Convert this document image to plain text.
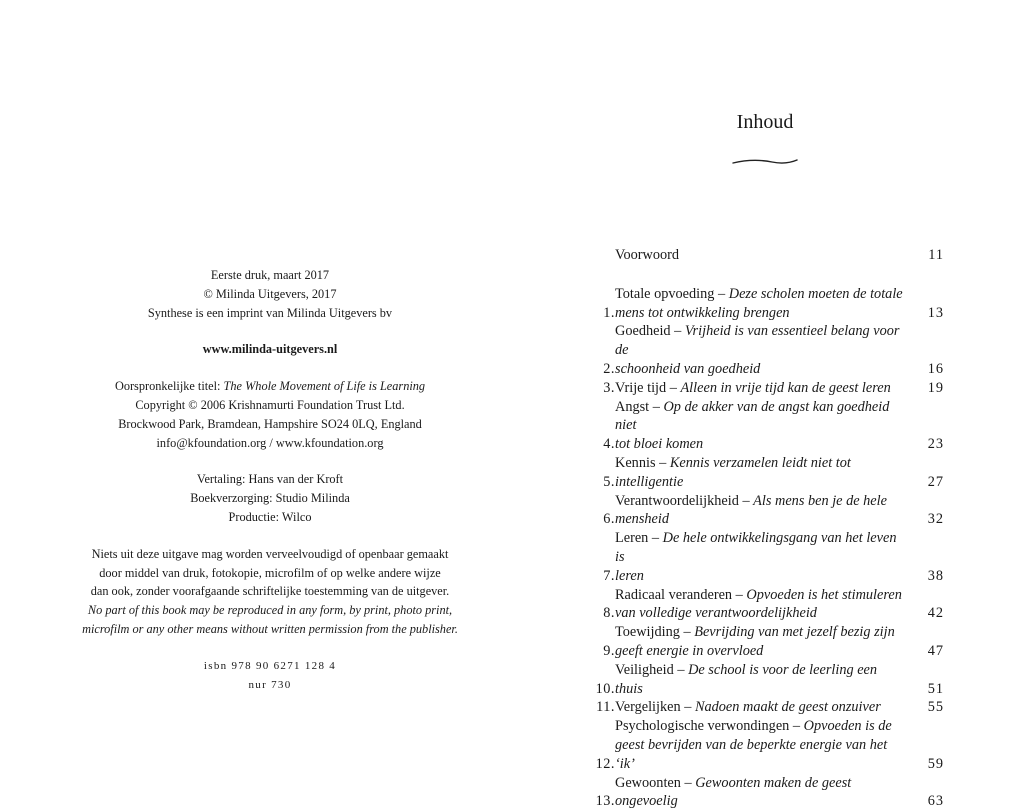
Eerste druk, maart 2017
© Milinda Uitgevers, 2017
Synthese is een imprint van Milinda Uitgevers bv
www.milinda-uitgevers.nl
Oorspronkelijke titel: The Whole Movement of Life is Learning
Copyright © 2006 Krishnamurti Foundation Trust Ltd.
Brockwood Park, Bramdean, Hampshire SO24 0LQ, England
info@kfoundation.org / www.kfoundation.org
Vertaling: Hans van der Kroft
Boekverzorging: Studio Milinda
Productie: Wilco
Niets uit deze uitgave mag worden verveelvoudigd of openbaar gemaakt
door middel van druk, fotokopie, microfilm of op welke andere wijze
dan ook, zonder voorafgaande schriftelijke toestemming van de uitgever.
No part of this book may be reproduced in any form, by print, photo print,
microfilm or any other means without written permission from the publisher.
isbn 978 90 6271 128 4
nur 730
Inhoud
Voorwoord	11
1.
Totale opvoeding – Deze scholen moeten de totale
mens tot ontwikkeling brengen	13
2.
Goedheid – Vrijheid is van essentieel belang voor de
schoonheid van goedheid	16
3. Vrije tijd – Alleen in vrije tijd kan de geest leren	19
4.
Angst – Op de akker van de angst kan goedheid niet
tot bloei komen	23
5.
Kennis – Kennis verzamelen leidt niet tot
intelligentie	27
6.
Verantwoordelijkheid – Als mens ben je de hele
mensheid	32
7.
Leren – De hele ontwikkelingsgang van het leven is
leren	38
8.
Radicaal veranderen – Opvoeden is het stimuleren
van volledige verantwoordelijkheid	42
9.
Toewijding – Bevrijding van met jezelf bezig zijn
geeft energie in overvloed	47
10.
Veiligheid – De school is voor de leerling een thuis	51
11. Vergelijken – Nadoen maakt de geest onzuiver	55
12.
Psychologische verwondingen – Opvoeden is de
geest bevrijden van de beperkte energie van het ‘ik’	59
13.
Gewoonten – Gewoonten maken de geest ongevoelig	63
